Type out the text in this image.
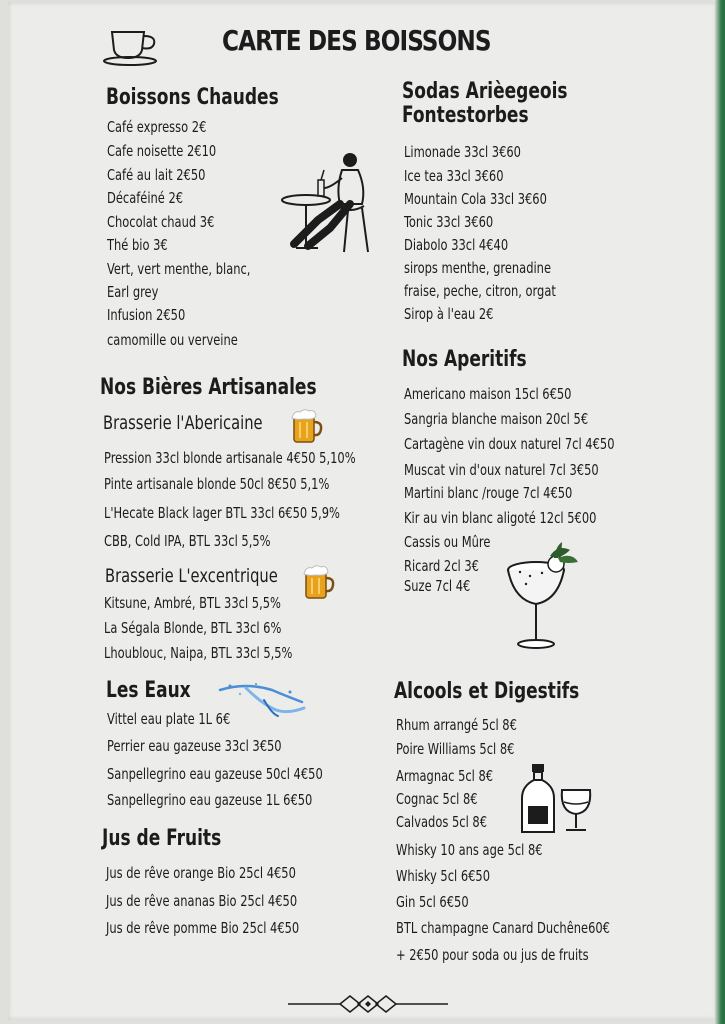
CARTE DES BOISSONS
Boissons Chaudes
Café expresso 2€
Cafe noisette 2€10
Café au lait 2€50
Décaféiné 2€
Chocolat chaud 3€
Thé bio 3€
Vert, vert menthe, blanc,
Earl grey
Infusion 2€50
camomille ou verveine
Sodas Arièegeois
Fontestorbes
Limonade 33cl 3€60
Ice tea 33cl 3€60
Mountain Cola 33cl 3€60
Tonic 33cl 3€60
Diabolo 33cl 4€40
sirops menthe, grenadine
fraise, peche, citron, orgat
Sirop à l'eau 2€
Nos Bières Artisanales
Brasserie l'Abericaine
Pression 33cl blonde artisanale 4€50 5,10%
Pinte artisanale blonde 50cl 8€50 5,1%
L'Hecate Black lager BTL 33cl 6€50 5,9%
CBB, Cold IPA, BTL 33cl 5,5%
Brasserie L'excentrique
Kitsune, Ambré, BTL 33cl 5,5%
La Ségala Blonde, BTL 33cl 6%
Lhoublouc, Naipa, BTL 33cl 5,5%
Nos Aperitifs
Americano maison 15cl 6€50
Sangria blanche maison 20cl 5€
Cartagène vin doux naturel 7cl 4€50
Muscat vin d'oux naturel 7cl 3€50
Martini blanc /rouge 7cl 4€50
Kir au vin blanc aligoté 12cl 5€00
Cassis ou Mûre
Ricard 2cl 3€
Suze 7cl 4€
Les Eaux
Vittel eau plate 1L 6€
Perrier eau gazeuse 33cl 3€50
Sanpellegrino eau gazeuse 50cl 4€50
Sanpellegrino eau gazeuse 1L 6€50
Jus de Fruits
Jus de rêve orange Bio 25cl 4€50
Jus de rêve ananas Bio 25cl 4€50
Jus de rêve pomme Bio 25cl 4€50
Alcools et Digestifs
Rhum arrangé 5cl 8€
Poire Williams 5cl 8€
Armagnac 5cl 8€
Cognac 5cl 8€
Calvados 5cl 8€
Whisky 10 ans age 5cl 8€
Whisky 5cl 6€50
Gin 5cl 6€50
BTL champagne Canard Duchêne60€
+ 2€50 pour soda ou jus de fruits
